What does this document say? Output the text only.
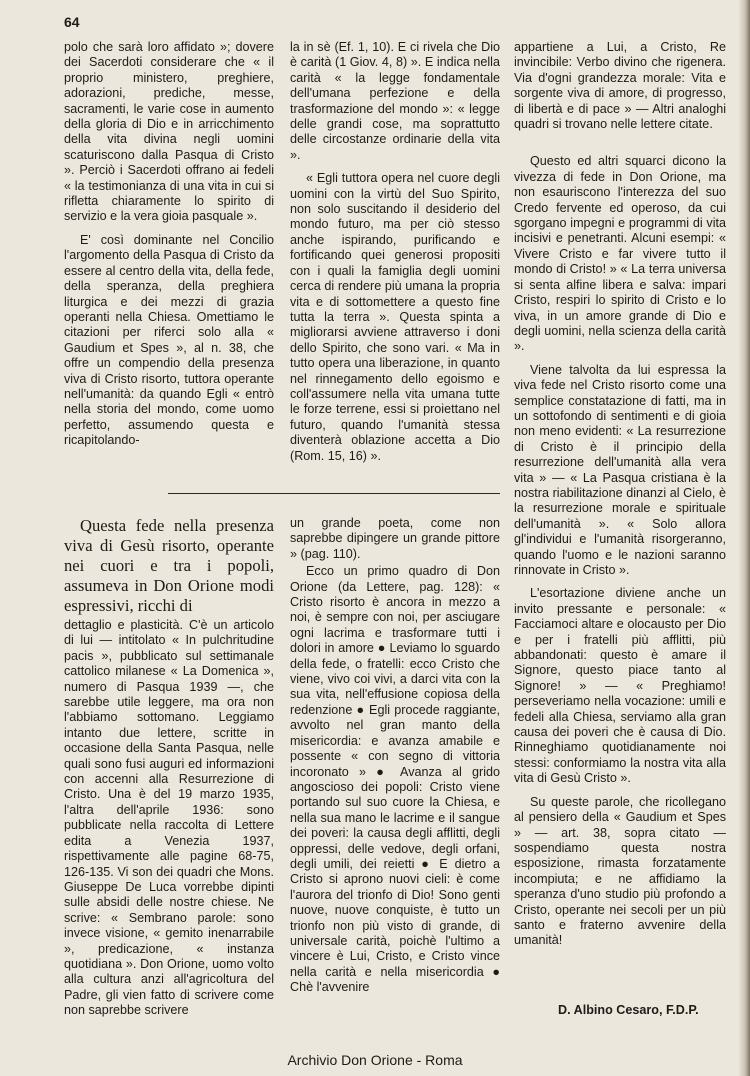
64

polo che sarà loro affidato »; dovere dei Sacerdoti considerare che « il proprio ministero, preghiere, adorazioni, prediche, messe, sacramenti, le varie cose in aumento della gloria di Dio e in arricchimento della vita divina negli uomini scaturiscono dalla Pasqua di Cristo ». Perciò i Sacerdoti offrano ai fedeli « la testimonianza di una vita in cui si rifletta chiaramente lo spirito di servizio e la vera gioia pasquale ».

E' così dominante nel Concilio l'argomento della Pasqua di Cristo da essere al centro della vita, della fede, della speranza, della preghiera liturgica e dei mezzi di grazia operanti nella Chiesa. Omettiamo le citazioni per riferci solo alla « Gaudium et Spes », al n. 38, che offre un compendio della presenza viva di Cristo risorto, tuttora operante nell'umanità: da quando Egli « entrò nella storia del mondo, come uomo perfetto, assumendo questa e ricapitolando-

la in sè (Ef. 1, 10). E ci rivela che Dio è carità (1 Giov. 4, 8) ». E indica nella carità « la legge fondamentale dell'umana perfezione e della trasformazione del mondo »: « legge delle grandi cose, ma soprattutto delle circostanze ordinarie della vita ».

« Egli tuttora opera nel cuore degli uomini con la virtù del Suo Spirito, non solo suscitando il desiderio del mondo futuro, ma per ciò stesso anche ispirando, purificando e fortificando quei generosi propositi con i quali la famiglia degli uomini cerca di rendere più umana la propria vita e di sottomettere a questo fine tutta la terra ». Questa spinta a migliorarsi avviene attraverso i doni dello Spirito, che sono vari. « Ma in tutto opera una liberazione, in quanto nel rinnegamento dello egoismo e coll'assumere nella vita umana tutte le forze terrene, essi si proiettano nel futuro, quando l'umanità stessa diventerà oblazione accetta a Dio (Rom. 15, 16) ».

Questa fede nella presenza viva di Gesù risorto, operante nei cuori e tra i popoli, assumeva in Don Orione modi espressivi, ricchi di

dettaglio e plasticità. C'è un articolo di lui — intitolato « In pulchritudine pacis », pubblicato sul settimanale cattolico milanese « La Domenica », numero di Pasqua 1939 —, che sarebbe utile leggere, ma ora non l'abbiamo sottomano. Leggiamo intanto due lettere, scritte in occasione della Santa Pasqua, nelle quali sono fusi auguri ed informazioni con accenni alla Resurrezione di Cristo. Una è del 19 marzo 1935, l'altra dell'aprile 1936: sono pubblicate nella raccolta di Lettere edita a Venezia 1937, rispettivamente alle pagine 68-75, 126-135. Vi son dei quadri che Mons. Giuseppe De Luca vorrebbe dipinti sulle absidi delle nostre chiese. Ne scrive: « Sembrano parole: sono invece visione, « gemito inenarrabile », predicazione, « instanza quotidiana ». Don Orione, uomo volto alla cultura anzi all'agricoltura del Padre, gli vien fatto di scrivere come non saprebbe scrivere

un grande poeta, come non saprebbe dipingere un grande pittore » (pag. 110).

Ecco un primo quadro di Don Orione (da Lettere, pag. 128): « Cristo risorto è ancora in mezzo a noi, è sempre con noi, per asciugare ogni lacrima e trasformare tutti i dolori in amore ● Leviamo lo sguardo della fede, o fratelli: ecco Cristo che viene, vivo coi vivi, a darci vita con la sua vita, nell'effusione copiosa della redenzione ● Egli procede raggiante, avvolto nel gran manto della misericordia: e avanza amabile e possente « con segno di vittoria incoronato » ● Avanza al grido angoscioso dei popoli: Cristo viene portando sul suo cuore la Chiesa, e nella sua mano le lacrime e il sangue dei poveri: la causa degli afflitti, degli oppressi, delle vedove, degli orfani, degli umili, dei reietti ● E dietro a Cristo si aprono nuovi cieli: è come l'aurora del trionfo di Dio! Sono genti nuove, nuove conquiste, è tutto un trionfo non più visto di grande, di universale carità, poichè l'ultimo a vincere è Lui, Cristo, e Cristo vince nella carità e nella misericordia ● Chè l'avvenire

appartiene a Lui, a Cristo, Re invincibile: Verbo divino che rigenera. Via d'ogni grandezza morale: Vita e sorgente viva di amore, di progresso, di libertà e di pace » — Altri analoghi quadri si trovano nelle lettere citate.

Questo ed altri squarci dicono la vivezza di fede in Don Orione, ma non esauriscono l'interezza del suo Credo fervente ed operoso, da cui sgorgano impegni e programmi di vita incisivi e penetranti. Alcuni esempi: « Vivere Cristo e far vivere tutto il mondo di Cristo! » « La terra universa si senta alfine libera e salva: impari Cristo, respiri lo spirito di Cristo e lo viva, in un amore grande di Dio e degli uomini, nella scienza della carità ».

Viene talvolta da lui espressa la viva fede nel Cristo risorto come una semplice constatazione di fatti, ma in un sottofondo di sentimenti e di gioia non meno evidenti: « La resurrezione di Cristo è il principio della resurrezione dell'umanità alla vera vita » — « La Pasqua cristiana è la nostra riabilitazione dinanzi al Cielo, è la resurrezione morale e spirituale dell'umanità ». « Solo allora gl'individui e l'umanità risorgeranno, quando l'uomo e le nazioni saranno rinnovate in Cristo ».

L'esortazione diviene anche un invito pressante e personale: « Facciamoci altare e olocausto per Dio e per i fratelli più afflitti, più abbandonati: questo è amare il Signore, questo piace tanto al Signore! » — « Preghiamo! perseveriamo nella vocazione: umili e fedeli alla Chiesa, serviamo alla gran causa dei poveri che è causa di Dio. Rinneghiamo quotidianamente noi stessi: conformiamo la nostra vita alla vita di Gesù Cristo ».

Su queste parole, che ricollegano al pensiero della « Gaudium et Spes » — art. 38, sopra citato — sospendiamo questa nostra esposizione, rimasta forzatamente incompiuta; e ne affidiamo la speranza d'uno studio più profondo a Cristo, operante nei secoli per un più santo e fraterno avvenire della umanità!

D. Albino Cesaro, F.D.P.
Archivio Don Orione - Roma
